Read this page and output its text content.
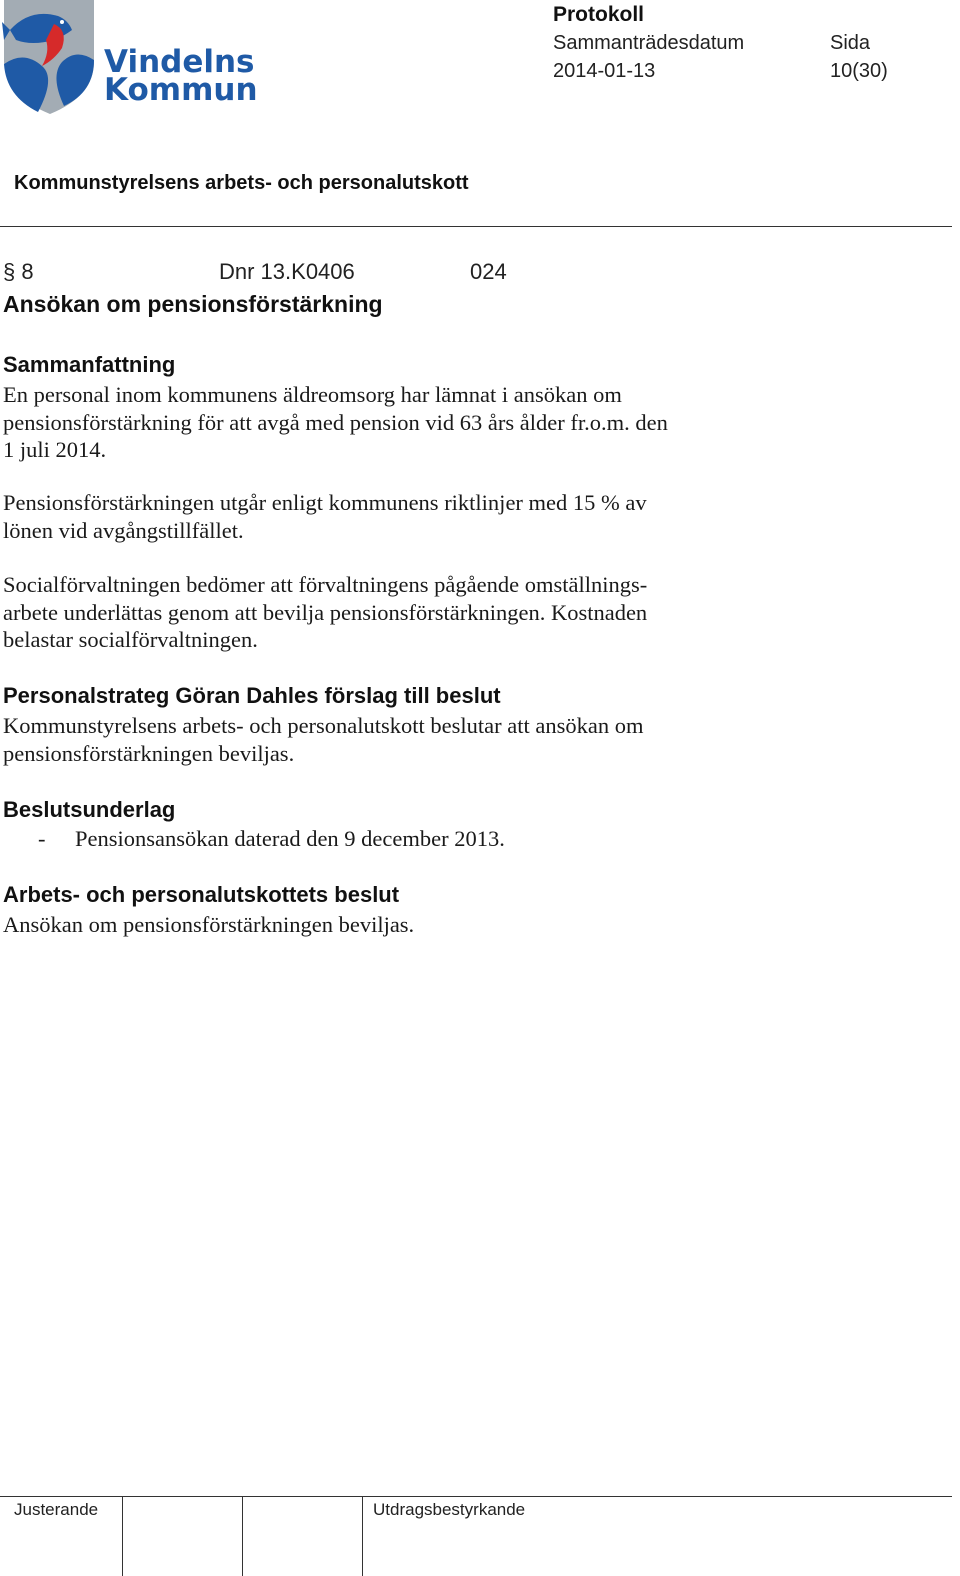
Vindelns
Kommun
Protokoll
Sammanträdesdatum	Sida
2014-01-13	10(30)
Kommunstyrelsens arbets- och personalutskott
§ 8	Dnr 13.K0406	024
Ansökan om pensionsförstärkning
Sammanfattning
En personal inom kommunens äldreomsorg har lämnat i ansökan om
pensionsförstärkning för att avgå med pension vid 63 års ålder fr.o.m. den
1 juli 2014.
Pensionsförstärkningen utgår enligt kommunens riktlinjer med 15 % av
lönen vid avgångstillfället.
Socialförvaltningen bedömer att förvaltningens pågående omställnings-
arbete underlättas genom att bevilja pensionsförstärkningen. Kostnaden
belastar socialförvaltningen.
Personalstrateg Göran Dahles förslag till beslut
Kommunstyrelsens arbets- och personalutskott beslutar att ansökan om
pensionsförstärkningen beviljas.
Beslutsunderlag
- Pensionsansökan daterad den 9 december 2013.
Arbets- och personalutskottets beslut
Ansökan om pensionsförstärkningen beviljas.
Justerande	Utdragsbestyrkande
